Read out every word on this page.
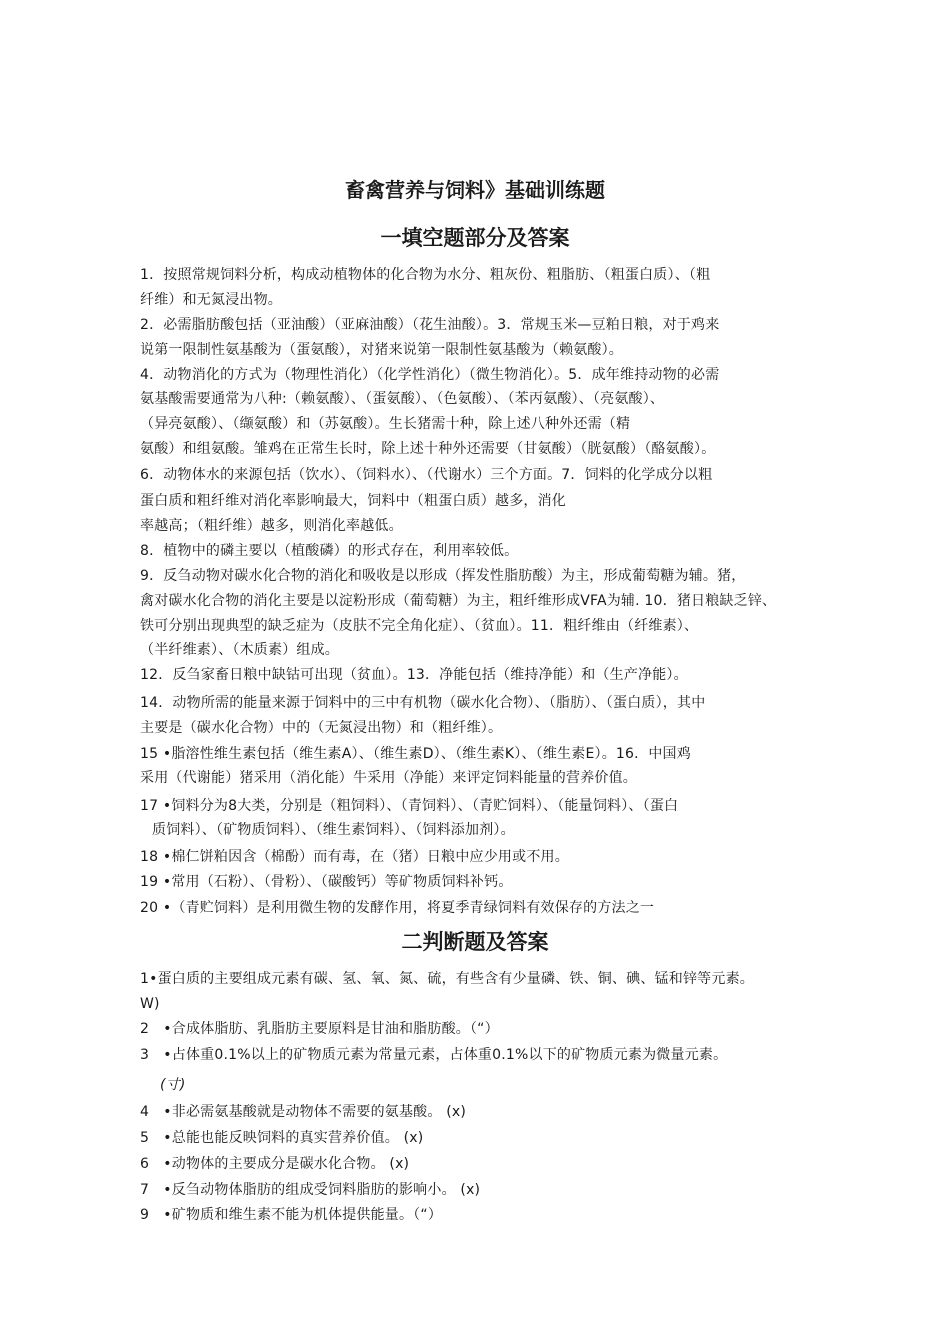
畜禽营养与饲料》基础训练题
一填空题部分及答案
1．按照常规饲料分析，构成动植物体的化合物为水分、粗灰份、粗脂肪、（粗蛋白质）、（粗
纤维）和无氮浸出物。
2．必需脂肪酸包括（亚油酸）（亚麻油酸）（花生油酸）。3．常规玉米—豆粕日粮，对于鸡来
说第一限制性氨基酸为（蛋氨酸），对猪来说第一限制性氨基酸为（赖氨酸）。
4．动物消化的方式为（物理性消化）（化学性消化）（微生物消化）。5．成年维持动物的必需
氨基酸需要通常为八种:（赖氨酸）、（蛋氨酸）、（色氨酸）、（苯丙氨酸）、（亮氨酸）、
（异亮氨酸）、（缬氨酸）和（苏氨酸）。生长猪需十种，除上述八种外还需（精
氨酸）和组氨酸。雏鸡在正常生长时，除上述十种外还需要（甘氨酸）（胱氨酸）（酪氨酸）。
6．动物体水的来源包括（饮水）、（饲料水）、（代谢水）三个方面。7．饲料的化学成分以粗
蛋白质和粗纤维对消化率影响最大，饲料中（粗蛋白质）越多，消化
率越高；（粗纤维）越多，则消化率越低。
8．植物中的磷主要以（植酸磷）的形式存在，利用率较低。
9．反刍动物对碳水化合物的消化和吸收是以形成（挥发性脂肪酸）为主，形成葡萄糖为辅。猪，
禽对碳水化合物的消化主要是以淀粉形成（葡萄糖）为主，粗纤维形成VFA为辅. 10．猪日粮缺乏锌、
铁可分别出现典型的缺乏症为（皮肤不完全角化症）、（贫血）。11．粗纤维由（纤维素）、
（半纤维素）、（木质素）组成。
12．反刍家畜日粮中缺钴可出现（贫血）。13．净能包括（维持净能）和（生产净能）。
14．动物所需的能量来源于饲料中的三中有机物（碳水化合物）、（脂肪）、（蛋白质），其中
主要是（碳水化合物）中的（无氮浸出物）和（粗纤维）。
15 •脂溶性维生素包括（维生素A）、（维生素D）、（维生素K）、（维生素E）。16．中国鸡
采用（代谢能）猪采用（消化能）牛采用（净能）来评定饲料能量的营养价值。
17 •饲料分为8大类，分别是（粗饲料）、（青饲料）、（青贮饲料）、（能量饲料）、（蛋白
质饲料）、（矿物质饲料）、（维生素饲料）、（饲料添加剂）。
18 •棉仁饼粕因含（棉酚）而有毒，在（猪）日粮中应少用或不用。
19 •常用（石粉）、（骨粉）、（碳酸钙）等矿物质饲料补钙。
20 •（青贮饲料）是利用微生物的发酵作用，将夏季青绿饲料有效保存的方法之一
二判断题及答案
1•蛋白质的主要组成元素有碳、氢、氧、氮、硫，有些含有少量磷、铁、铜、碘、锰和锌等元素。
W)
2　•合成体脂肪、乳脂肪主要原料是甘油和脂肪酸。（“）
3　•占体重0.1%以上的矿物质元素为常量元素，占体重0.1%以下的矿物质元素为微量元素。
(寸)
4　•非必需氨基酸就是动物体不需要的氨基酸。 (x)
5　•总能也能反映饲料的真实营养价值。 (x)
6　•动物体的主要成分是碳水化合物。 (x)
7　•反刍动物体脂肪的组成受饲料脂肪的影响小。 (x)
9　•矿物质和维生素不能为机体提供能量。（“）
